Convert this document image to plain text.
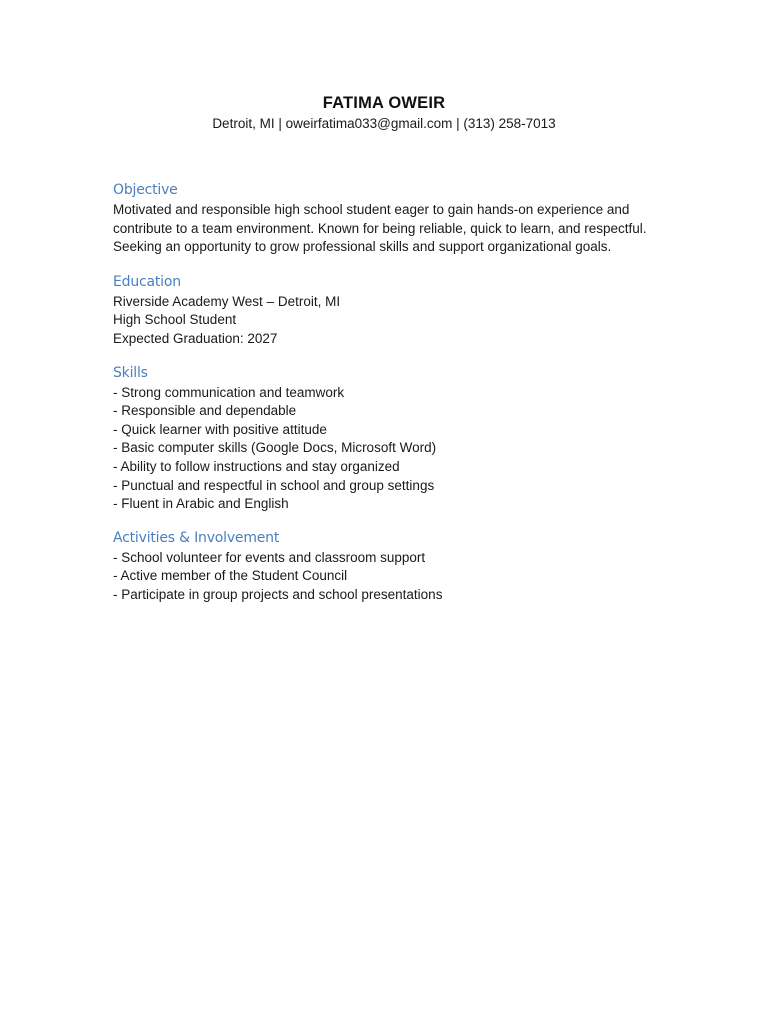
FATIMA OWEIR
Detroit, MI | oweirfatima033@gmail.com | (313) 258-7013
Objective

Motivated and responsible high school student eager to gain hands-on experience and contribute to a team environment. Known for being reliable, quick to learn, and respectful. Seeking an opportunity to grow professional skills and support organizational goals.

Education
Riverside Academy West – Detroit, MI
High School Student
Expected Graduation: 2027
Skills
- Strong communication and teamwork
- Responsible and dependable
- Quick learner with positive attitude
- Basic computer skills (Google Docs, Microsoft Word)
- Ability to follow instructions and stay organized
- Punctual and respectful in school and group settings
- Fluent in Arabic and English
Activities & Involvement
- School volunteer for events and classroom support
- Active member of the Student Council
- Participate in group projects and school presentations
